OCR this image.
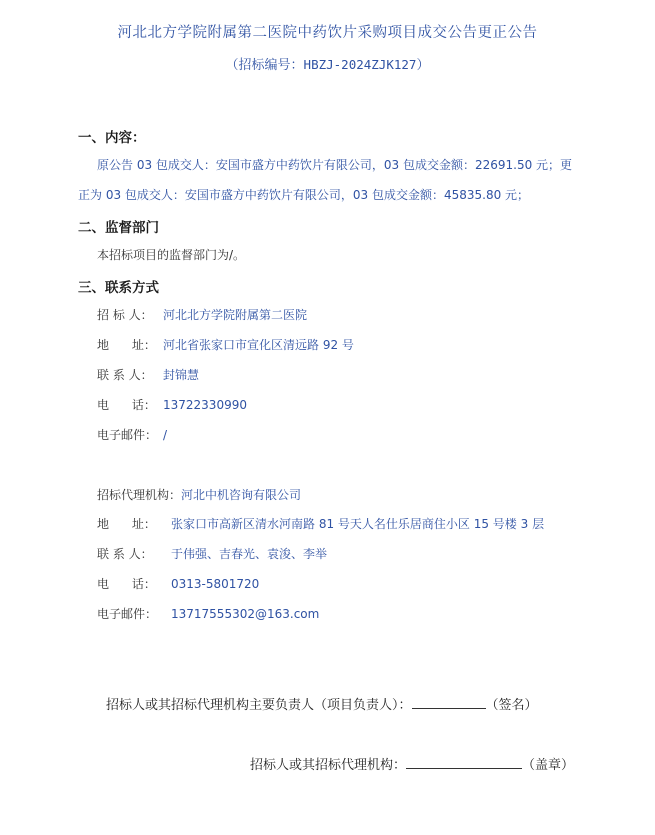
河北北方学院附属第二医院中药饮片采购项目成交公告更正公告
（招标编号：HBZJ-2024ZJK127）
一、内容：
原公告 03 包成交人：安国市盛方中药饮片有限公司，03 包成交金额：22691.50 元；更
正为 03 包成交人：安国市盛方中药饮片有限公司，03 包成交金额：45835.80 元；
二、监督部门
本招标项目的监督部门为/。
三、联系方式
招 标 人： 河北北方学院附属第二医院
地      址： 河北省张家口市宣化区清远路 92 号
联 系 人： 封锦慧
电      话： 13722330990
电子邮件： /
招标代理机构：河北中机咨询有限公司
地      址： 张家口市高新区清水河南路 81 号天人名仕乐居商住小区 15 号楼 3 层
联 系 人： 于伟强、吉春光、袁浚、李举
电      话： 0313-5801720
电子邮件： 13717555302@163.com
招标人或其招标代理机构主要负责人（项目负责人）：	（签名）
招标人或其招标代理机构：	（盖章）
